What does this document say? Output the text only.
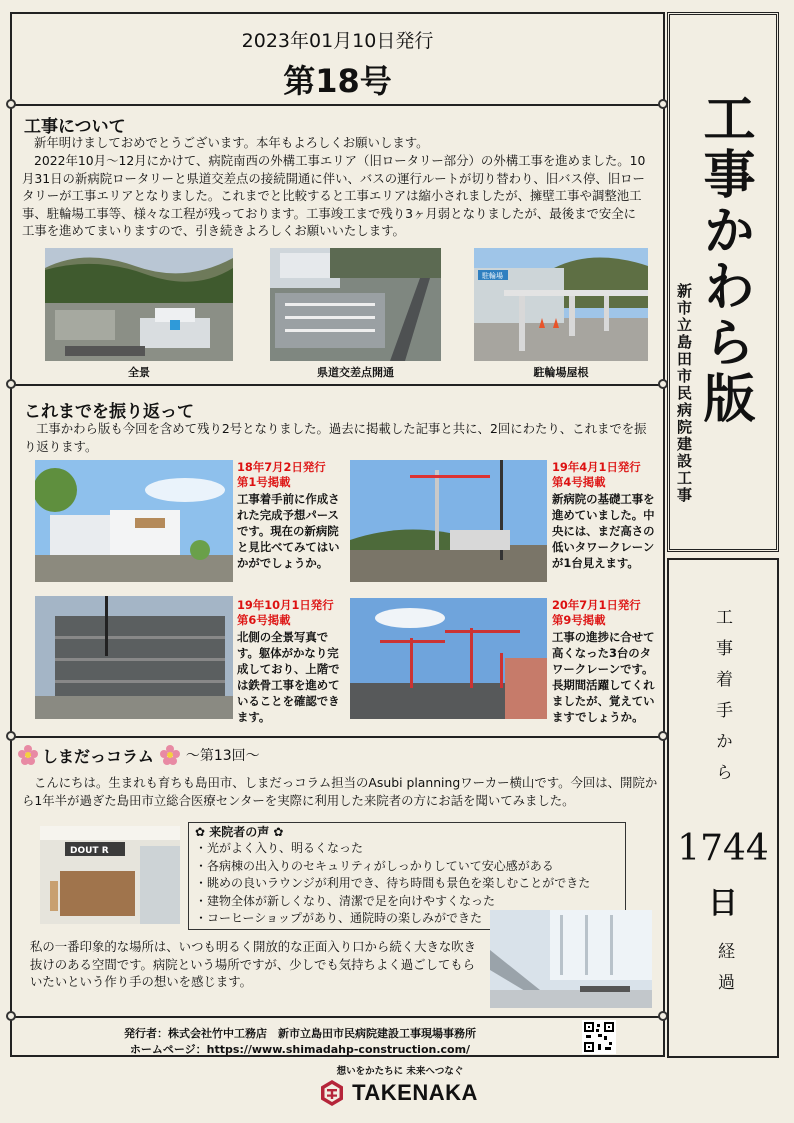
2023年01月10日発行
第18号
工事かわら版
新市立島田市民病院建設工事
工事着手から
1744
日
経過
工事について
新年明けましておめでとうございます。本年もよろしくお願いします。
2022年10月～12月にかけて、病院南西の外構工事エリア（旧ロータリー部分）の外構工事を進めました。10月31日の新病院ロータリーと県道交差点の接続開通に伴い、バスの運行ルートが切り替わり、旧バス停、旧ロータリーが工事エリアとなりました。これまでと比較すると工事エリアは縮小されましたが、擁壁工事や調整池工事、駐輪場工事等、様々な工程が残っております。工事竣工まで残り3ヶ月弱となりましたが、最後まで安全に工事を進めてまいりますので、引き続きよろしくお願いいたします。
駐輪場
全景	県道交差点開通	駐輪場屋根
これまでを振り返って
工事かわら版も今回を含めて残り2号となりました。過去に掲載した記事と共に、2回にわたり、これまでを振り返ります。
18年7月2日発行
第1号掲載
工事着手前に作成された完成予想パースです。現在の新病院と見比べてみてはいかがでしょうか。
19年4月1日発行
第4号掲載
新病院の基礎工事を進めていました。中央には、まだ高さの低いタワークレーンが1台見えます。
19年10月1日発行
第6号掲載
北側の全景写真です。躯体がかなり完成しており、上階では鉄骨工事を進めていることを確認できます。
20年7月1日発行
第9号掲載
工事の進捗に合せて高くなった3台のタワークレーンです。長期間活躍してくれましたが、覚えていますでしょうか。
しまだっコラム ～第13回～
こんにちは。生まれも育ちも島田市、しまだっコラム担当のAsubi planningワーカー横山です。今回は、開院から1年半が過ぎた島田市立総合医療センターを実際に利用した来院者の方にお話を聞いてみました。
DOUT R
✿ 来院者の声 ✿
・光がよく入り、明るくなった
・各病棟の出入りのセキュリティがしっかりしていて安心感がある
・眺めの良いラウンジが利用でき、待ち時間も景色を楽しむことができた
・建物全体が新しくなり、清潔で足を向けやすくなった
・コーヒーショップがあり、通院時の楽しみができた
私の一番印象的な場所は、いつも明るく開放的な正面入り口から続く大きな吹き抜けのある空間です。病院という場所ですが、少しでも気持ちよく過ごしてもらいたいという作り手の想いを感じます。
発行者：株式会社竹中工務店　新市立島田市民病院建設工事現場事務所
ホームページ：https://www.shimadahp-construction.com/
想いをかたちに 未来へつなぐ
TAKENAKA
